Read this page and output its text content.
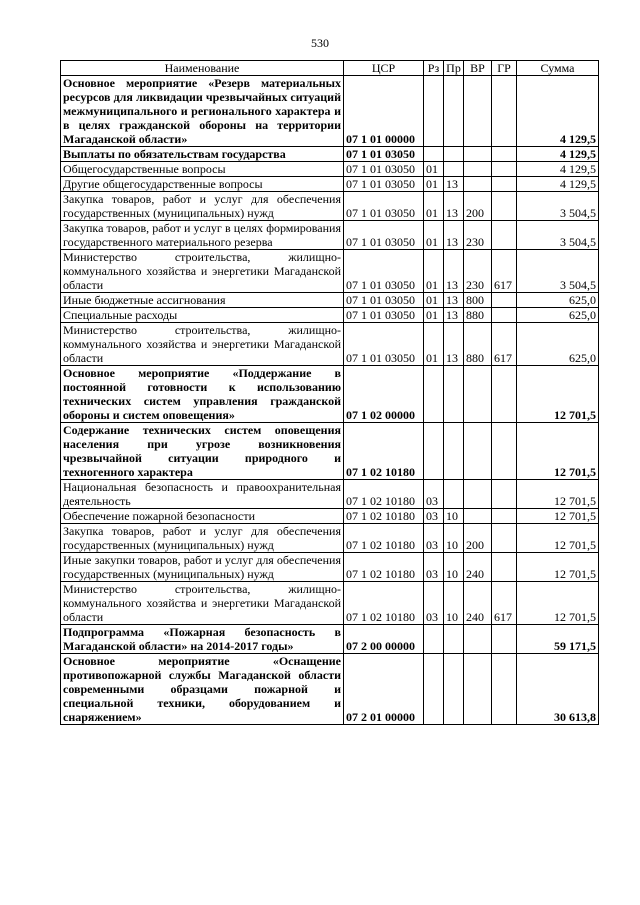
530
Наименование	ЦСР	Рз	Пр	ВР	ГР	Сумма
Основное мероприятие «Резерв материальных ресурсов для ликвидации чрезвычайных ситуаций межмуниципального и регионального характера и в целях гражданской обороны на территории Магаданской области»	07 1 01 00000					4 129,5
Выплаты по обязательствам государства	07 1 01 03050					4 129,5
Общегосударственные вопросы	07 1 01 03050	01				4 129,5
Другие общегосударственные вопросы	07 1 01 03050	01	13			4 129,5
Закупка товаров, работ и услуг для обеспечения государственных (муниципальных) нужд	07 1 01 03050	01	13	200		3 504,5
Закупка товаров, работ и услуг в целях формирования государственного материального резерва	07 1 01 03050	01	13	230		3 504,5
Министерство строительства, жилищно-коммунального хозяйства и энергетики Магаданской области	07 1 01 03050	01	13	230	617	3 504,5
Иные бюджетные ассигнования	07 1 01 03050	01	13	800		625,0
Специальные расходы	07 1 01 03050	01	13	880		625,0
Министерство строительства, жилищно-коммунального хозяйства и энергетики Магаданской области	07 1 01 03050	01	13	880	617	625,0
Основное мероприятие «Поддержание в постоянной готовности к использованию технических систем управления гражданской обороны и систем оповещения»	07 1 02 00000					12 701,5
Содержание технических систем оповещения населения при угрозе возникновения чрезвычайной ситуации природного и техногенного характера	07 1 02 10180					12 701,5
Национальная безопасность и правоохранительная деятельность	07 1 02 10180	03				12 701,5
Обеспечение пожарной безопасности	07 1 02 10180	03	10			12 701,5
Закупка товаров, работ и услуг для обеспечения государственных (муниципальных) нужд	07 1 02 10180	03	10	200		12 701,5
Иные закупки товаров, работ и услуг для обеспечения государственных (муниципальных) нужд	07 1 02 10180	03	10	240		12 701,5
Министерство строительства, жилищно-коммунального хозяйства и энергетики Магаданской области	07 1 02 10180	03	10	240	617	12 701,5
Подпрограмма «Пожарная безопасность в Магаданской области» на 2014-2017 годы»	07 2 00 00000					59 171,5
Основное мероприятие «Оснащение противопожарной службы Магаданской области современными образцами пожарной и специальной техники, оборудованием и снаряжением»	07 2 01 00000					30 613,8
